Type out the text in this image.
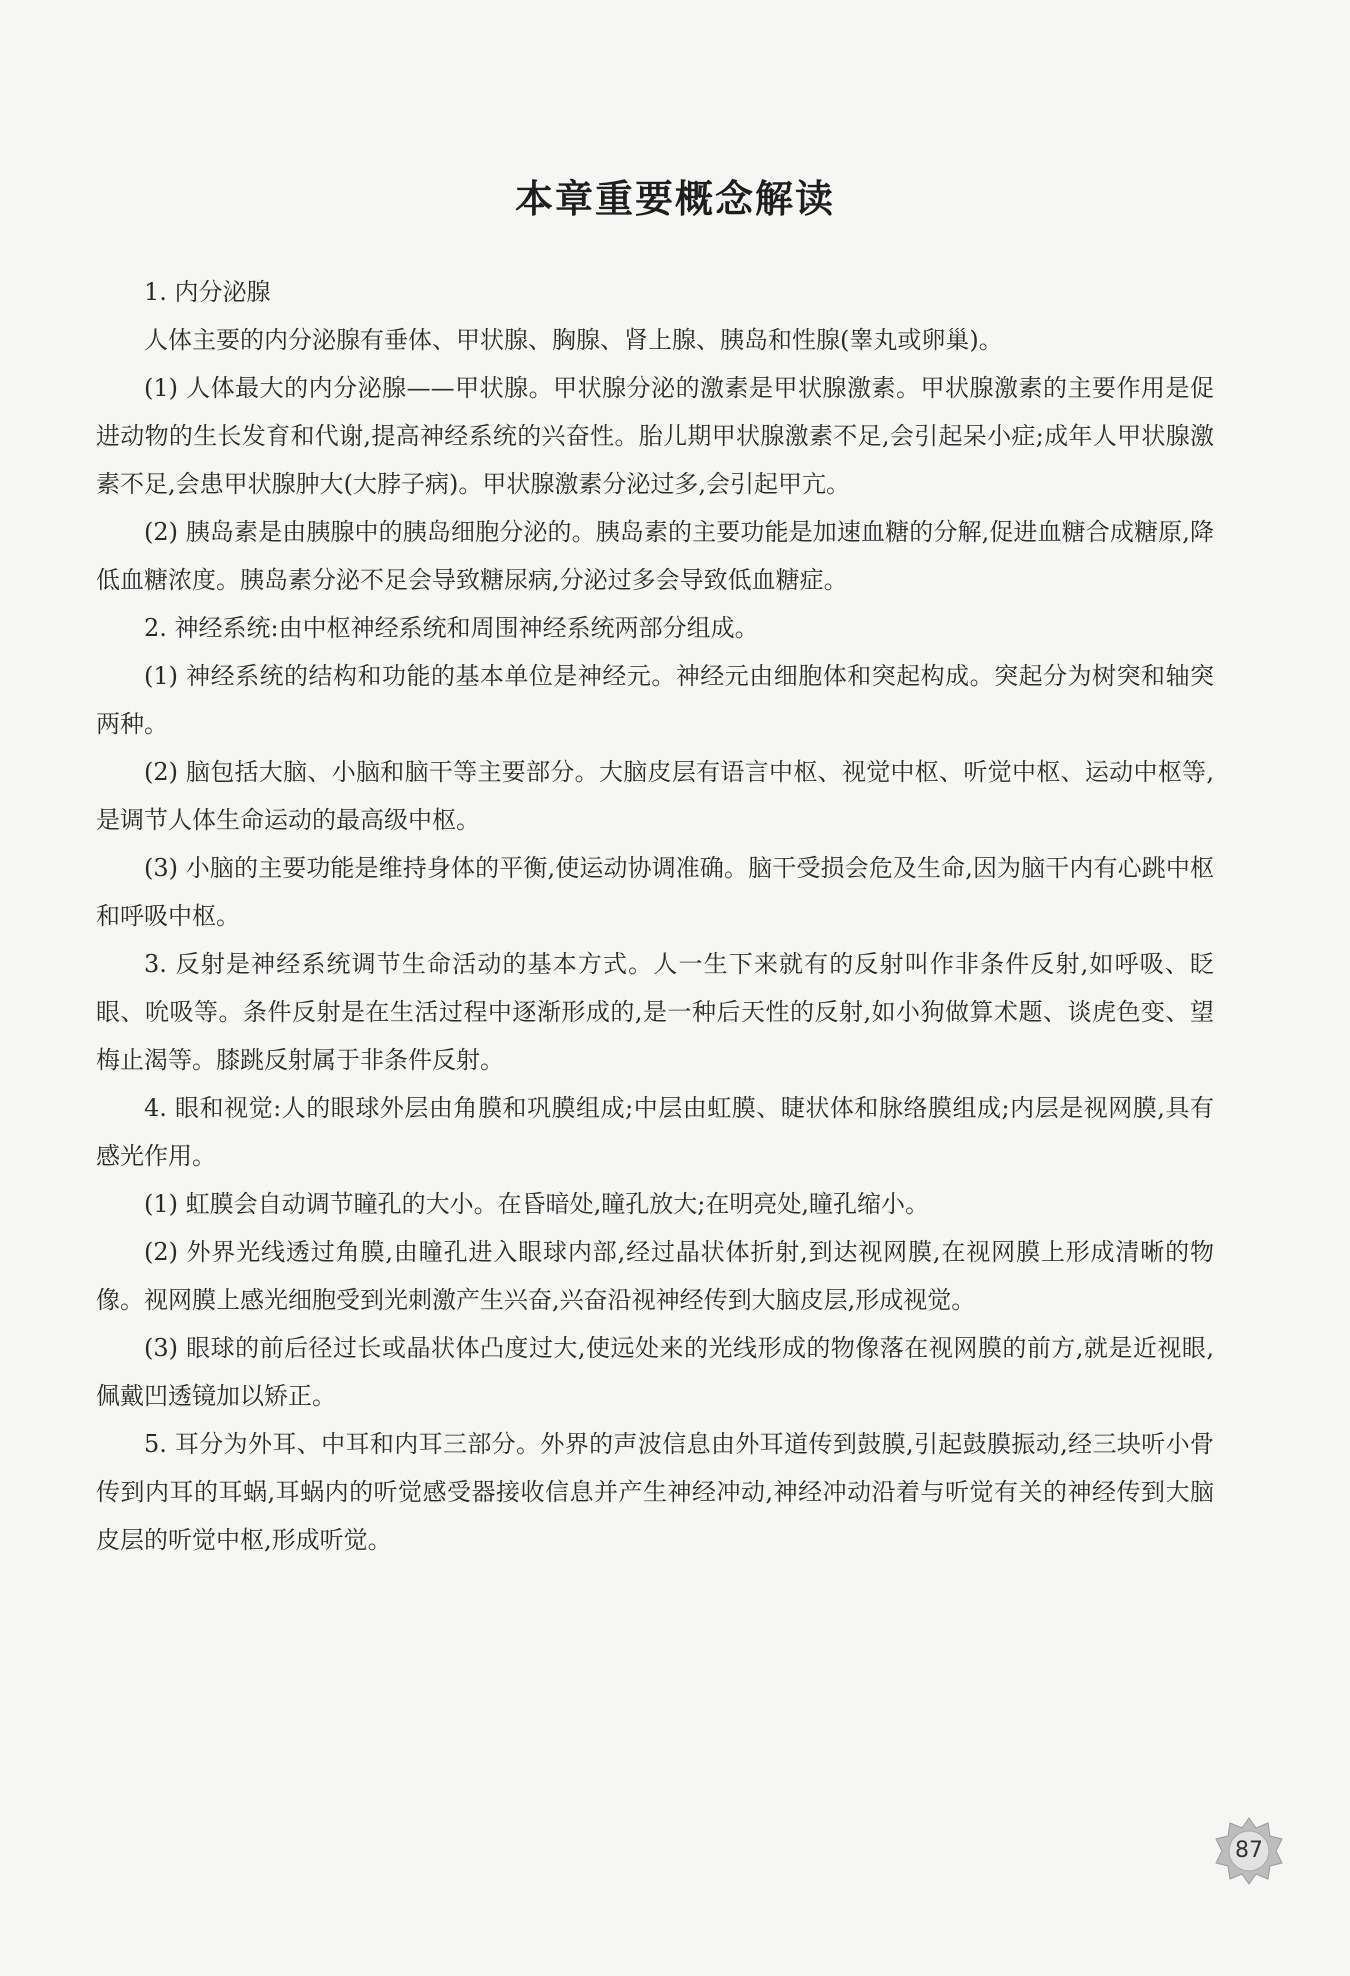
本章重要概念解读

1. 内分泌腺

人体主要的内分泌腺有垂体、甲状腺、胸腺、肾上腺、胰岛和性腺(睾丸或卵巢)。

(1) 人体最大的内分泌腺——甲状腺。甲状腺分泌的激素是甲状腺激素。甲状腺激素的主要作用是促进动物的生长发育和代谢,提高神经系统的兴奋性。胎儿期甲状腺激素不足,会引起呆小症;成年人甲状腺激素不足,会患甲状腺肿大(大脖子病)。甲状腺激素分泌过多,会引起甲亢。

(2) 胰岛素是由胰腺中的胰岛细胞分泌的。胰岛素的主要功能是加速血糖的分解,促进血糖合成糖原,降低血糖浓度。胰岛素分泌不足会导致糖尿病,分泌过多会导致低血糖症。

2. 神经系统:由中枢神经系统和周围神经系统两部分组成。

(1) 神经系统的结构和功能的基本单位是神经元。神经元由细胞体和突起构成。突起分为树突和轴突两种。

(2) 脑包括大脑、小脑和脑干等主要部分。大脑皮层有语言中枢、视觉中枢、听觉中枢、运动中枢等,是调节人体生命运动的最高级中枢。

(3) 小脑的主要功能是维持身体的平衡,使运动协调准确。脑干受损会危及生命,因为脑干内有心跳中枢和呼吸中枢。

3. 反射是神经系统调节生命活动的基本方式。人一生下来就有的反射叫作非条件反射,如呼吸、眨眼、吮吸等。条件反射是在生活过程中逐渐形成的,是一种后天性的反射,如小狗做算术题、谈虎色变、望梅止渴等。膝跳反射属于非条件反射。

4. 眼和视觉:人的眼球外层由角膜和巩膜组成;中层由虹膜、睫状体和脉络膜组成;内层是视网膜,具有感光作用。

(1) 虹膜会自动调节瞳孔的大小。在昏暗处,瞳孔放大;在明亮处,瞳孔缩小。

(2) 外界光线透过角膜,由瞳孔进入眼球内部,经过晶状体折射,到达视网膜,在视网膜上形成清晰的物像。视网膜上感光细胞受到光刺激产生兴奋,兴奋沿视神经传到大脑皮层,形成视觉。

(3) 眼球的前后径过长或晶状体凸度过大,使远处来的光线形成的物像落在视网膜的前方,就是近视眼,佩戴凹透镜加以矫正。

5. 耳分为外耳、中耳和内耳三部分。外界的声波信息由外耳道传到鼓膜,引起鼓膜振动,经三块听小骨传到内耳的耳蜗,耳蜗内的听觉感受器接收信息并产生神经冲动,神经冲动沿着与听觉有关的神经传到大脑皮层的听觉中枢,形成听觉。

87
